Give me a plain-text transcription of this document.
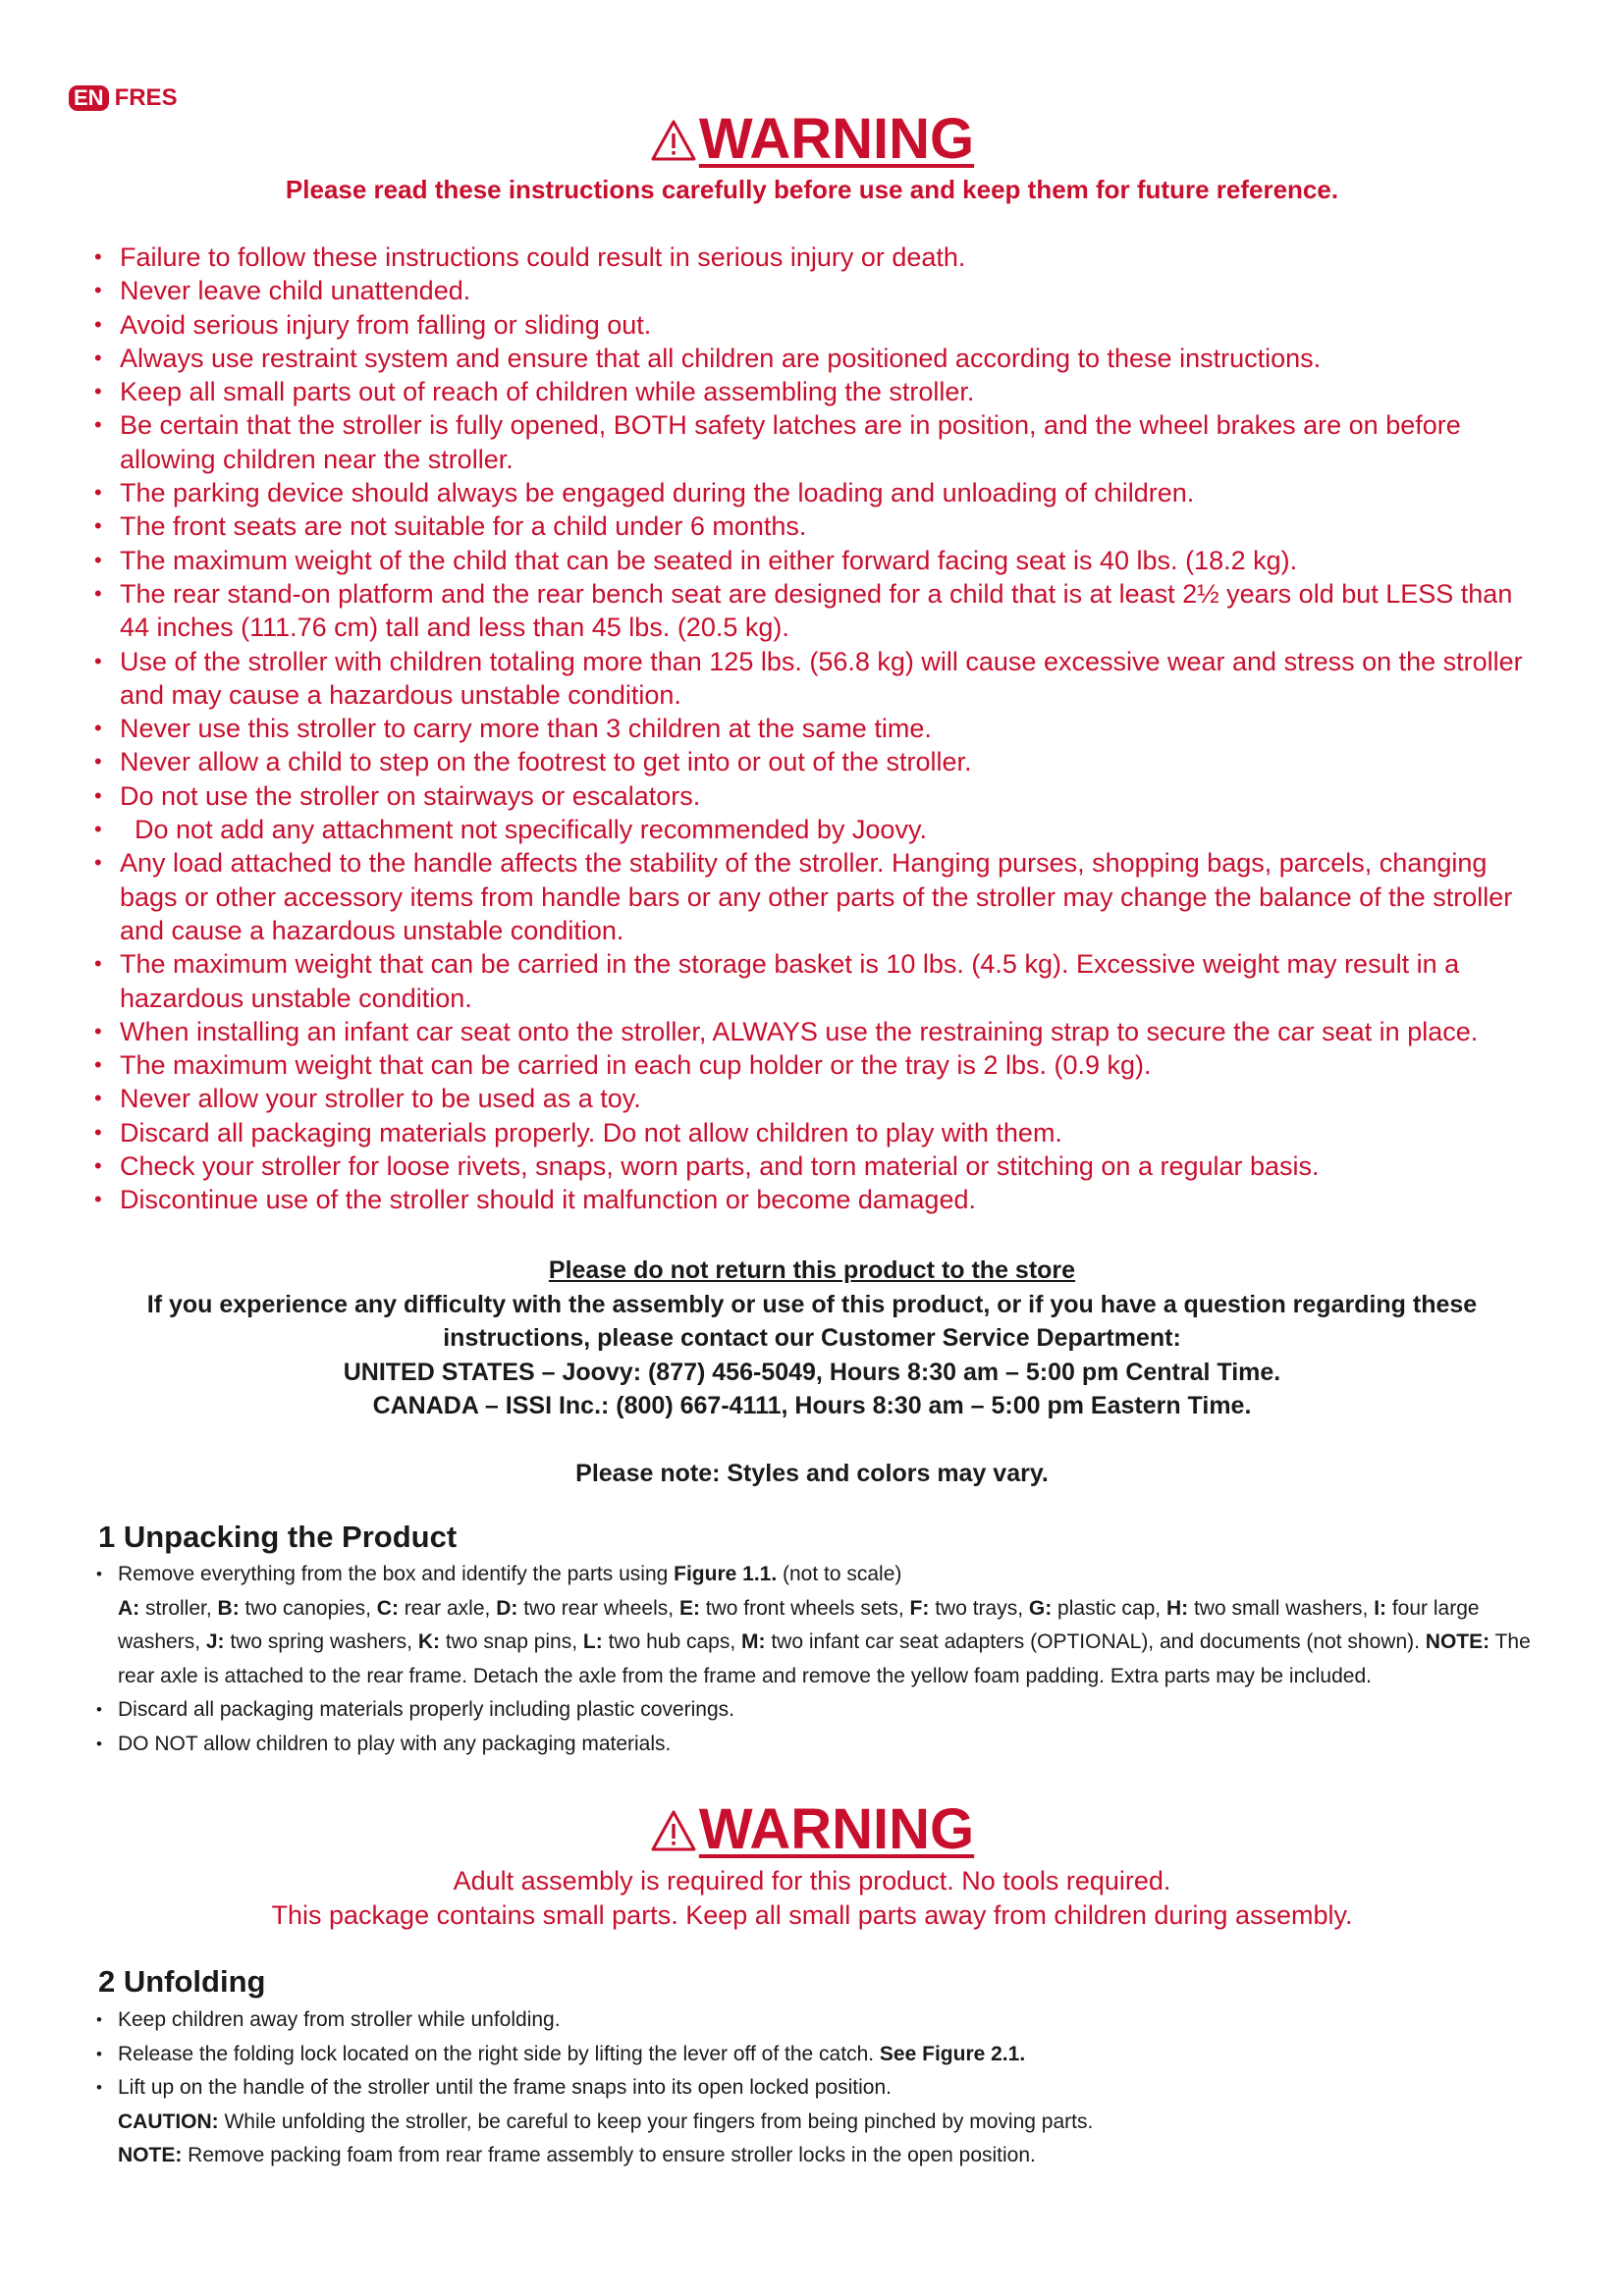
EN FRES
WARNING
Please read these instructions carefully before use and keep them for future reference.
• Failure to follow these instructions could result in serious injury or death.
• Never leave child unattended.
• Avoid serious injury from falling or sliding out.
• Always use restraint system and ensure that all children are positioned according to these instructions.
• Keep all small parts out of reach of children while assembling the stroller.
• Be certain that the stroller is fully opened, BOTH safety latches are in position, and the wheel brakes are on before allowing children near the stroller.
• The parking device should always be engaged during the loading and unloading of children.
• The front seats are not suitable for a child under 6 months.
• The maximum weight of the child that can be seated in either forward facing seat is 40 lbs. (18.2 kg).
• The rear stand-on platform and the rear bench seat are designed for a child that is at least 2½ years old but LESS than 44 inches (111.76 cm) tall and less than 45 lbs. (20.5 kg).
• Use of the stroller with children totaling more than 125 lbs. (56.8 kg) will cause excessive wear and stress on the stroller and may cause a hazardous unstable condition.
• Never use this stroller to carry more than 3 children at the same time.
• Never allow a child to step on the footrest to get into or out of the stroller.
• Do not use the stroller on stairways or escalators.
•   Do not add any attachment not specifically recommended by Joovy.
• Any load attached to the handle affects the stability of the stroller. Hanging purses, shopping bags, parcels, changing bags or other accessory items from handle bars or any other parts of the stroller may change the balance of the stroller and cause a hazardous unstable condition.
• The maximum weight that can be carried in the storage basket is 10 lbs. (4.5 kg). Excessive weight may result in a hazardous unstable condition.
• When installing an infant car seat onto the stroller, ALWAYS use the restraining strap to secure the car seat in place.
• The maximum weight that can be carried in each cup holder or the tray is 2 lbs. (0.9 kg).
• Never allow your stroller to be used as a toy.
• Discard all packaging materials properly. Do not allow children to play with them.
• Check your stroller for loose rivets, snaps, worn parts, and torn material or stitching on a regular basis.
• Discontinue use of the stroller should it malfunction or become damaged.
Please do not return this product to the store
If you experience any difficulty with the assembly or use of this product, or if you have a question regarding these
instructions, please contact our Customer Service Department:
UNITED STATES – Joovy: (877) 456-5049, Hours 8:30 am – 5:00 pm Central Time.
CANADA – ISSI Inc.: (800) 667-4111, Hours 8:30 am – 5:00 pm Eastern Time.
Please note: Styles and colors may vary.
1 Unpacking the Product
• Remove everything from the box and identify the parts using Figure 1.1. (not to scale)
A: stroller, B: two canopies, C: rear axle, D: two rear wheels, E: two front wheels sets, F: two trays, G: plastic cap, H: two small washers, I: four large washers, J: two spring washers, K: two snap pins, L: two hub caps, M: two infant car seat adapters (OPTIONAL), and documents (not shown). NOTE: The rear axle is attached to the rear frame. Detach the axle from the frame and remove the yellow foam padding. Extra parts may be included.
• Discard all packaging materials properly including plastic coverings.
• DO NOT allow children to play with any packaging materials.
WARNING
Adult assembly is required for this product. No tools required.
This package contains small parts. Keep all small parts away from children during assembly.
2 Unfolding
• Keep children away from stroller while unfolding.
• Release the folding lock located on the right side by lifting the lever off of the catch. See Figure 2.1.
• Lift up on the handle of the stroller until the frame snaps into its open locked position.
CAUTION: While unfolding the stroller, be careful to keep your fingers from being pinched by moving parts.
NOTE: Remove packing foam from rear frame assembly to ensure stroller locks in the open position.
